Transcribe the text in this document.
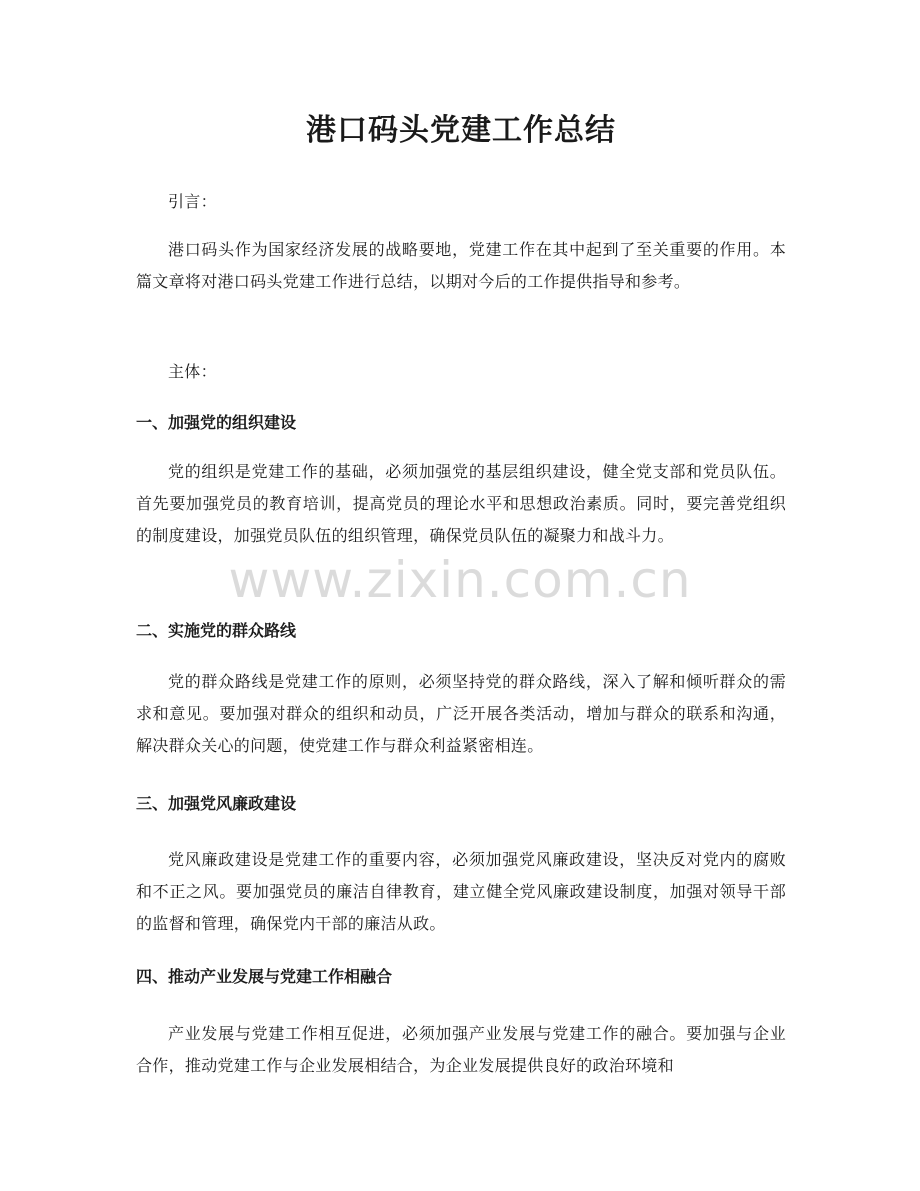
港口码头党建工作总结

引言：

港口码头作为国家经济发展的战略要地，党建工作在其中起到了至关重要的作用。本篇文章将对港口码头党建工作进行总结，以期对今后的工作提供指导和参考。

主体：

一、加强党的组织建设

党的组织是党建工作的基础，必须加强党的基层组织建设，健全党支部和党员队伍。首先要加强党员的教育培训，提高党员的理论水平和思想政治素质。同时，要完善党组织的制度建设，加强党员队伍的组织管理，确保党员队伍的凝聚力和战斗力。

二、实施党的群众路线

党的群众路线是党建工作的原则，必须坚持党的群众路线，深入了解和倾听群众的需求和意见。要加强对群众的组织和动员，广泛开展各类活动，增加与群众的联系和沟通，解决群众关心的问题，使党建工作与群众利益紧密相连。

三、加强党风廉政建设

党风廉政建设是党建工作的重要内容，必须加强党风廉政建设，坚决反对党内的腐败和不正之风。要加强党员的廉洁自律教育，建立健全党风廉政建设制度，加强对领导干部的监督和管理，确保党内干部的廉洁从政。

四、推动产业发展与党建工作相融合

产业发展与党建工作相互促进，必须加强产业发展与党建工作的融合。要加强与企业合作，推动党建工作与企业发展相结合，为企业发展提供良好的政治环境和

www.zixin.com.cn
